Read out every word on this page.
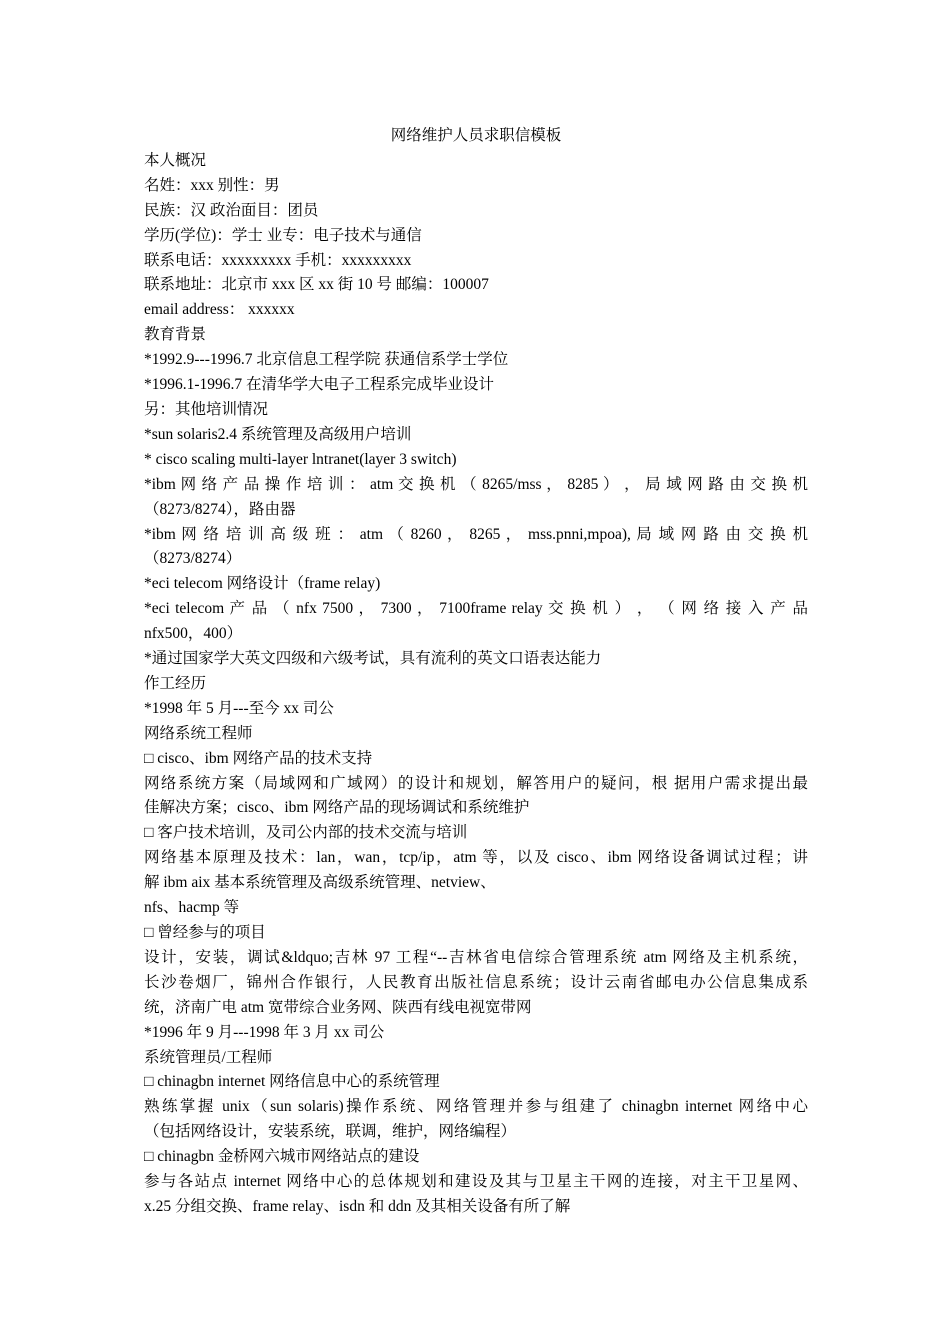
网络维护人员求职信模板

本人概况

名姓：xxx 别性：男

民族：汉 政治面目：团员

学历(学位)：学士 业专：电子技术与通信

联系电话：xxxxxxxxx 手机：xxxxxxxxx

联系地址：北京市 xxx 区 xx 街 10 号 邮编：100007

email address： xxxxxx

教育背景

*1992.9---1996.7 北京信息工程学院 获通信系学士学位

*1996.1-1996.7 在清华学大电子工程系完成毕业设计

另：其他培训情况

*sun solaris2.4 系统管理及高级用户培训

* cisco scaling multi-layer lntranet(layer 3 switch)

*ibm 网 络 产 品 操 作 培 训 ： atm 交 换 机 （ 8265/mss ， 8285 ） ， 局 域 网 路 由 交 换 机

（8273/8274），路由器

*ibm 网 络 培 训 高 级 班 ： atm （ 8260 ， 8265 ， mss.pnni,mpoa), 局 域 网 路 由 交 换 机

（8273/8274）

*eci telecom 网络设计（frame relay)

*eci telecom 产 品 （ nfx 7500 ， 7300 ， 7100frame relay 交 换 机 ） ， （ 网 络 接 入 产 品

nfx500，400）

*通过国家学大英文四级和六级考试，具有流利的英文口语表达能力

作工经历

*1998 年 5 月---至今 xx 司公

网络系统工程师

□ cisco、ibm 网络产品的技术支持

网络系统方案（局域网和广域网）的设计和规划，解答用户的疑问，根 据用户需求提出最

佳解决方案；cisco、ibm 网络产品的现场调试和系统维护

□ 客户技术培训，及司公内部的技术交流与培训

网络基本原理及技术：lan，wan，tcp/ip，atm 等，以及 cisco、ibm 网络设备调试过程；讲

解 ibm aix 基本系统管理及高级系统管理、netview、

nfs、hacmp 等

□ 曾经参与的项目

设计，安装，调试&ldquo;吉林 97 工程“--吉林省电信综合管理系统 atm 网络及主机系统，

长沙卷烟厂，锦州合作银行，人民教育出版社信息系统；设计云南省邮电办公信息集成系

统，济南广电 atm 宽带综合业务网、陕西有线电视宽带网

*1996 年 9 月---1998 年 3 月 xx 司公

系统管理员/工程师

□ chinagbn internet 网络信息中心的系统管理

熟练掌握 unix（sun solaris)操作系统、网络管理并参与组建了 chinagbn internet 网络中心

（包括网络设计，安装系统，联调，维护，网络编程）

□ chinagbn 金桥网六城市网络站点的建设

参与各站点 internet 网络中心的总体规划和建设及其与卫星主干网的连接，对主干卫星网、

x.25 分组交换、frame relay、isdn 和 ddn 及其相关设备有所了解
